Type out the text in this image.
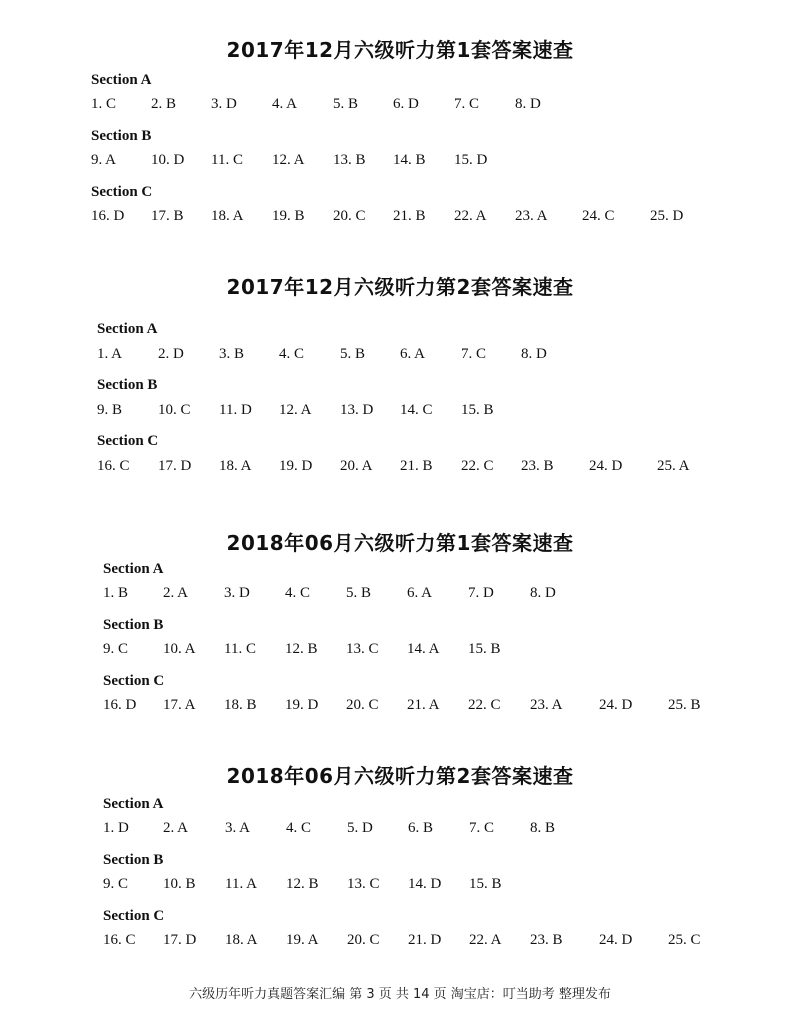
2017年12月六级听力第1套答案速查
Section A
1. C 2. B 3. D 4. A 5. B 6. D 7. C 8. D
Section B
9. A 10. D 11. C 12. A 13. B 14. B 15. D
Section C
16. D 17. B 18. A 19. B 20. C 21. B 22. A 23. A 24. C 25. D
2017年12月六级听力第2套答案速查
Section A
1. A 2. D 3. B 4. C 5. B 6. A 7. C 8. D
Section B
9. B 10. C 11. D 12. A 13. D 14. C 15. B
Section C
16. C 17. D 18. A 19. D 20. A 21. B 22. C 23. B 24. D 25. A
2018年06月六级听力第1套答案速查
Section A
1. B 2. A 3. D 4. C 5. B 6. A 7. D 8. D
Section B
9. C 10. A 11. C 12. B 13. C 14. A 15. B
Section C
16. D 17. A 18. B 19. D 20. C 21. A 22. C 23. A 24. D 25. B
2018年06月六级听力第2套答案速查
Section A
1. D 2. A 3. A 4. C 5. D 6. B 7. C 8. B
Section B
9. C 10. B 11. A 12. B 13. C 14. D 15. B
Section C
16. C 17. D 18. A 19. A 20. C 21. D 22. A 23. B 24. D 25. C
六级历年听力真题答案汇编 第 3 页 共 14 页 淘宝店：叮当助考 整理发布
